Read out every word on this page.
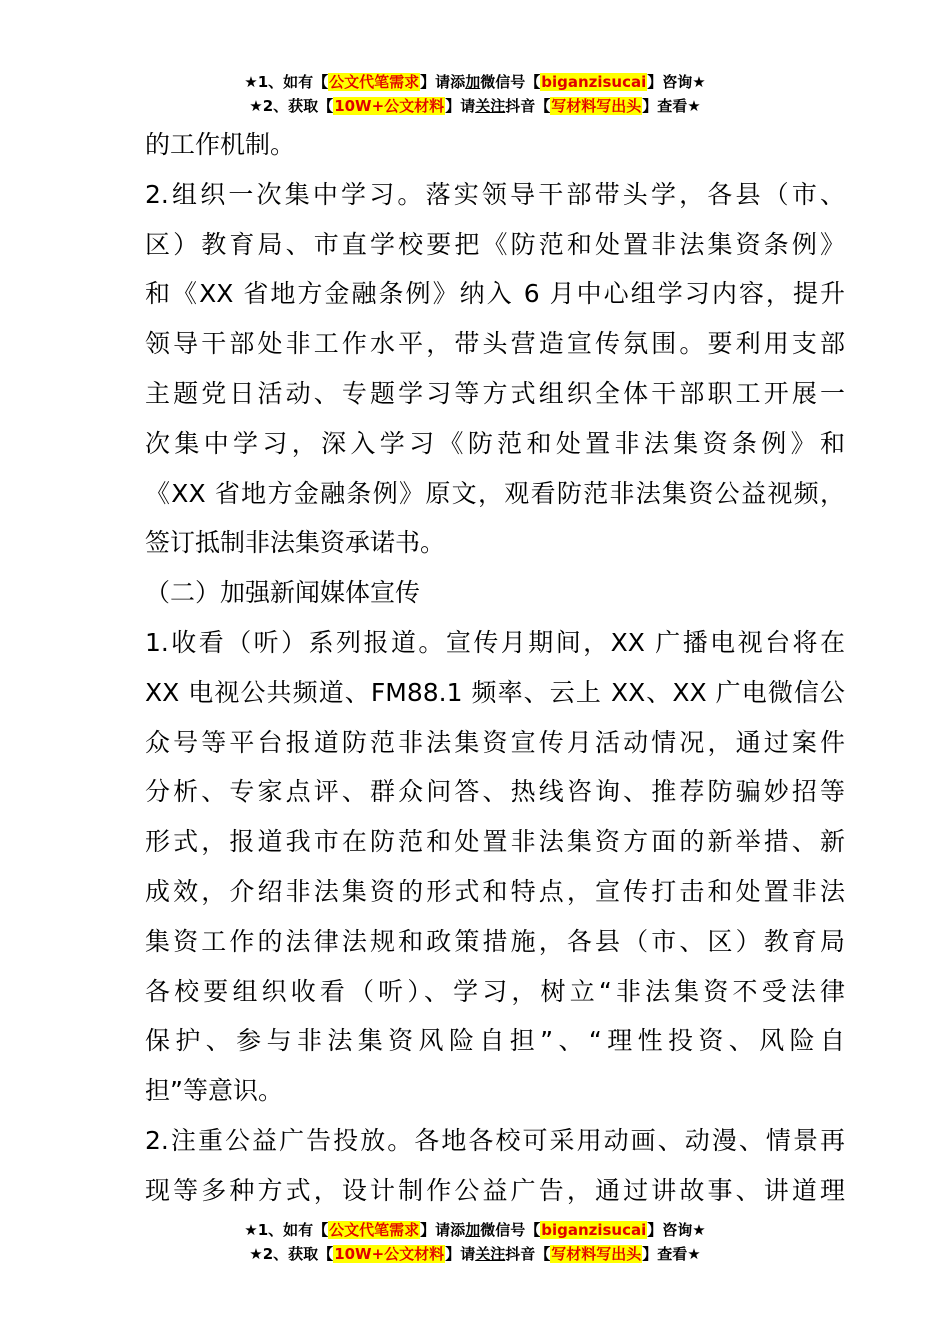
★1、如有【公文代笔需求】请添加微信号【biganzisucai】咨询★
★2、获取【10W+公文材料】请关注抖音【写材料写出头】查看★
的工作机制。
2.组织一次集中学习。落实领导干部带头学，各县（市、
区）教育局、市直学校要把《防范和处置非法集资条例》
和《XX 省地方金融条例》纳入 6 月中心组学习内容，提升
领导干部处非工作水平，带头营造宣传氛围。要利用支部
主题党日活动、专题学习等方式组织全体干部职工开展一
次集中学习，深入学习《防范和处置非法集资条例》和
《XX 省地方金融条例》原文，观看防范非法集资公益视频，
签订抵制非法集资承诺书。
（二）加强新闻媒体宣传
1.收看（听）系列报道。宣传月期间，XX 广播电视台将在
XX 电视公共频道、FM88.1 频率、云上 XX、XX 广电微信公
众号等平台报道防范非法集资宣传月活动情况，通过案件
分析、专家点评、群众问答、热线咨询、推荐防骗妙招等
形式，报道我市在防范和处置非法集资方面的新举措、新
成效，介绍非法集资的形式和特点，宣传打击和处置非法
集资工作的法律法规和政策措施，各县（市、区）教育局
各校要组织收看（听）、学习，树立“非法集资不受法律
保护、参与非法集资风险自担”、“理性投资、风险自
担”等意识。
2.注重公益广告投放。各地各校可采用动画、动漫、情景再
现等多种方式，设计制作公益广告，通过讲故事、讲道理
★1、如有【公文代笔需求】请添加微信号【biganzisucai】咨询★
★2、获取【10W+公文材料】请关注抖音【写材料写出头】查看★
